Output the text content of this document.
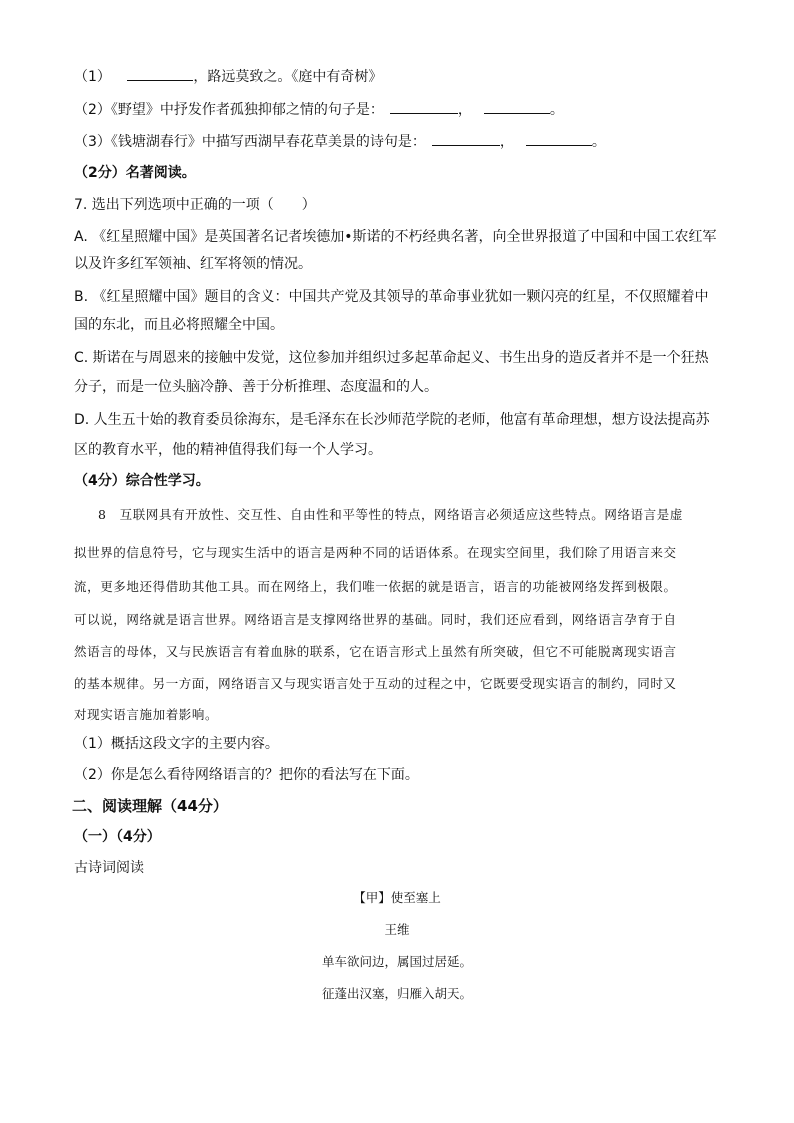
（1）	，路远莫致之。《庭中有奇树》
（2）《野望》中抒发作者孤独抑郁之情的句子是：	，	。
（3）《钱塘湖春行》中描写西湖早春花草美景的诗句是：	，	。
（2分）名著阅读。
7. 选出下列选项中正确的一项（　　）
A. 《红星照耀中国》是英国著名记者埃德加•斯诺的不朽经典名著，向全世界报道了中国和中国工农红军
以及许多红军领袖、红军将领的情况。
B. 《红星照耀中国》题目的含义：中国共产党及其领导的革命事业犹如一颗闪亮的红星，不仅照耀着中
国的东北，而且必将照耀全中国。
C. 斯诺在与周恩来的接触中发觉，这位参加并组织过多起革命起义、书生出身的造反者并不是一个狂热
分子，而是一位头脑冷静、善于分析推理、态度温和的人。
D. 人生五十始的教育委员徐海东，是毛泽东在长沙师范学院的老师，他富有革命理想，想方设法提高苏
区的教育水平，他的精神值得我们每一个人学习。
（4分）综合性学习。
8　互联网具有开放性、交互性、自由性和平等性的特点，网络语言必须适应这些特点。网络语言是虚
拟世界的信息符号，它与现实生活中的语言是两种不同的话语体系。在现实空间里，我们除了用语言来交
流，更多地还得借助其他工具。而在网络上，我们唯一依据的就是语言，语言的功能被网络发挥到极限。
可以说，网络就是语言世界。网络语言是支撑网络世界的基础。同时，我们还应看到，网络语言孕育于自
然语言的母体，又与民族语言有着血脉的联系，它在语言形式上虽然有所突破，但它不可能脱离现实语言
的基本规律。另一方面，网络语言又与现实语言处于互动的过程之中，它既要受现实语言的制约，同时又
对现实语言施加着影响。
（1）概括这段文字的主要内容。
（2）你是怎么看待网络语言的？把你的看法写在下面。
二、阅读理解（44分）
（一）（4分）
古诗词阅读
【甲】使至塞上
王维
单车欲问边，属国过居延。
征蓬出汉塞，归雁入胡天。
